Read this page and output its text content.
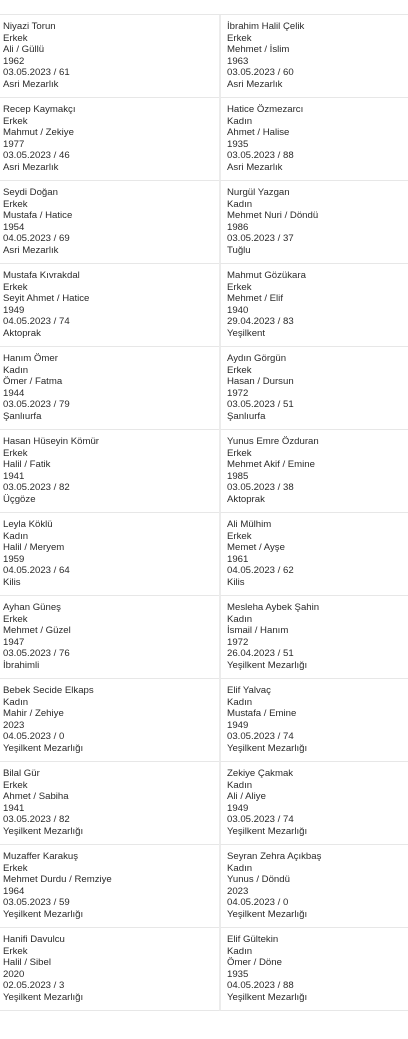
Niyazi Torun
Erkek
Ali / Güllü
1962
03.05.2023 / 61
Asri Mezarlık
İbrahim Halil Çelik
Erkek
Mehmet / İslim
1963
03.05.2023 / 60
Asri Mezarlık
Recep Kaymakçı
Erkek
Mahmut / Zekiye
1977
03.05.2023 / 46
Asri Mezarlık
Hatice Özmezarcı
Kadın
Ahmet / Halise
1935
03.05.2023 / 88
Asri Mezarlık
Seydi Doğan
Erkek
Mustafa / Hatice
1954
04.05.2023 / 69
Asri Mezarlık
Nurgül Yazgan
Kadın
Mehmet Nuri / Döndü
1986
03.05.2023 / 37
Tuğlu
Mustafa Kıvrakdal
Erkek
Seyit Ahmet / Hatice
1949
04.05.2023 / 74
Aktoprak
Mahmut Gözükara
Erkek
Mehmet / Elif
1940
29.04.2023 / 83
Yeşilkent
Hanım Ömer
Kadın
Ömer / Fatma
1944
03.05.2023 / 79
Şanlıurfa
Aydın Görgün
Erkek
Hasan / Dursun
1972
03.05.2023 / 51
Şanlıurfa
Hasan Hüseyin Kömür
Erkek
Halil / Fatik
1941
03.05.2023 / 82
Üçgöze
Yunus Emre Özduran
Erkek
Mehmet Akif / Emine
1985
03.05.2023 / 38
Aktoprak
Leyla Köklü
Kadın
Halil / Meryem
1959
04.05.2023 / 64
Kilis
Ali Mülhim
Erkek
Memet / Ayşe
1961
04.05.2023 / 62
Kilis
Ayhan Güneş
Erkek
Mehmet / Güzel
1947
03.05.2023 / 76
İbrahimli
Mesleha Aybek Şahin
Kadın
İsmail / Hanım
1972
26.04.2023 / 51
Yeşilkent Mezarlığı
Bebek Secide Elkaps
Kadın
Mahir / Zehiye
2023
04.05.2023 / 0
Yeşilkent Mezarlığı
Elif Yalvaç
Kadın
Mustafa / Emine
1949
03.05.2023 / 74
Yeşilkent Mezarlığı
Bilal Gür
Erkek
Ahmet / Sabiha
1941
03.05.2023 / 82
Yeşilkent Mezarlığı
Zekiye Çakmak
Kadın
Ali / Aliye
1949
03.05.2023 / 74
Yeşilkent Mezarlığı
Muzaffer Karakuş
Erkek
Mehmet Durdu / Remziye
1964
03.05.2023 / 59
Yeşilkent Mezarlığı
Seyran Zehra Açıkbaş
Kadın
Yunus / Döndü
2023
04.05.2023 / 0
Yeşilkent Mezarlığı
Hanifi Davulcu
Erkek
Halil / Sibel
2020
02.05.2023 / 3
Yeşilkent Mezarlığı
Elif Gültekin
Kadın
Ömer / Döne
1935
04.05.2023 / 88
Yeşilkent Mezarlığı
